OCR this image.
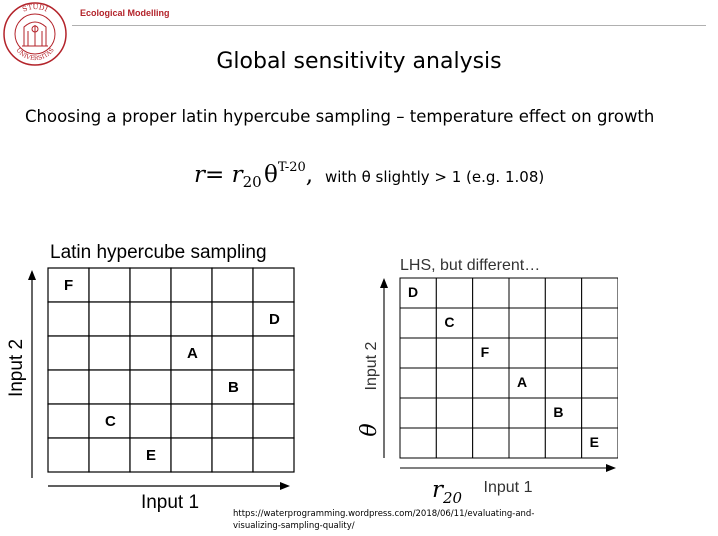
STUDI
UNIVERSITAS
Ecological Modelling
Global sensitivity analysis
Choosing a proper latin hypercube sampling – temperature effect on growth
$r= r_{20}$ $\theta^{T-20}$, with θ slightly > 1 (e.g. 1.08)
Latin hypercube sampling
F
D
A
B
C
E
Input 2
Input 1
LHS, but different…
D
C
F
A
B
E
Input 2
θ
$r_{20}$
Input 1
https://waterprogramming.wordpress.com/2018/06/11/evaluating-and-
visualizing-sampling-quality/
